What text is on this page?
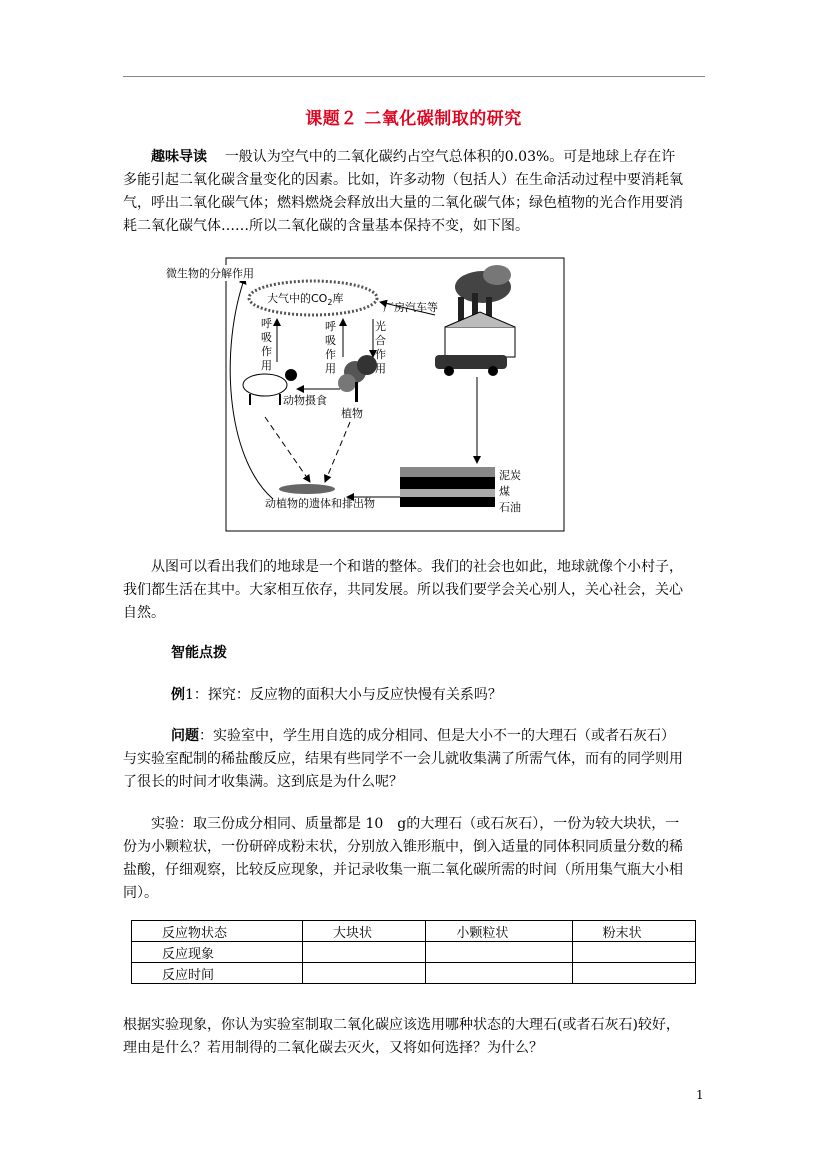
课题２ 二氧化碳制取的研究
趣味导读 一般认为空气中的二氧化碳约占空气总体积的0.03%。可是地球上存在许
多能引起二氧化碳含量变化的因素。比如，许多动物（包括人）在生命活动过程中要消耗氧
气，呼出二氧化碳气体；燃料燃烧会释放出大量的二氧化碳气体；绿色植物的光合作用要消
耗二氧化碳气体……所以二氧化碳的含量基本保持不变，如下图。
大气中的$CO_2$库
厂房汽车等
呼
吸
作
用
呼
吸
作
用
光
合
作
用
动物摄食
植物
动植物的遗体和排出物
泥炭
煤
石油
微生物的分解作用
从图可以看出我们的地球是一个和谐的整体。我们的社会也如此，地球就像个小村子，
我们都生活在其中。大家相互依存，共同发展。所以我们要学会关心别人，关心社会，关心
自然。
智能点拨
例1：探究：反应物的面积大小与反应快慢有关系吗？
问题：实验室中，学生用自选的成分相同、但是大小不一的大理石（或者石灰石）
与实验室配制的稀盐酸反应，结果有些同学不一会儿就收集满了所需气体，而有的同学则用
了很长的时间才收集满。这到底是为什么呢？
实验：取三份成分相同、质量都是 10　g的大理石（或石灰石），一份为较大块状，一
份为小颗粒状，一份研碎成粉末状，分别放入锥形瓶中，倒入适量的同体积同质量分数的稀
盐酸，仔细观察，比较反应现象，并记录收集一瓶二氧化碳所需的时间（所用集气瓶大小相
同）。
反应物状态	大块状	小颗粒状	粉末状
反应现象			
反应时间			
根据实验现象，你认为实验室制取二氧化碳应该选用哪种状态的大理石(或者石灰石)较好，
理由是什么？若用制得的二氧化碳去灭火，又将如何选择？为什么？
1
